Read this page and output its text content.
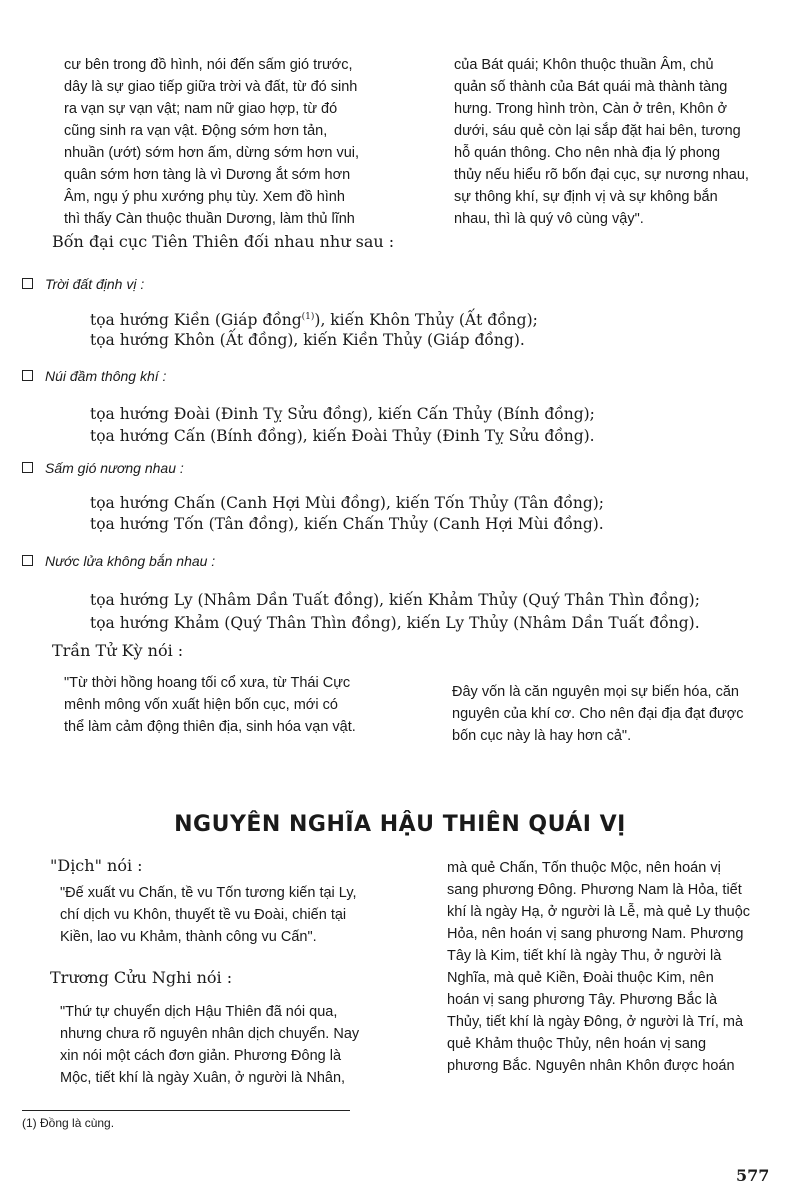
cư bên trong đồ hình, nói đến sấm gió trước,
dây là sự giao tiếp giữa trời và đất, từ đó sinh
ra vạn sự vạn vật; nam nữ giao hợp, từ đó
cũng sinh ra vạn vật. Động sớm hơn tản,
nhuần (ướt) sớm hơn ấm, dừng sớm hơn vui,
quân sớm hơn tàng là vì Dương ắt sớm hơn
Âm, ngụ ý phu xướng phụ tùy. Xem đồ hình
thì thấy Càn thuộc thuần Dương, làm thủ lĩnh
của Bát quái; Khôn thuộc thuần Âm, chủ
quản số thành của Bát quái mà thành tàng
hưng. Trong hình tròn, Càn ở trên, Khôn ở
dưới, sáu quẻ còn lại sắp đặt hai bên, tương
hỗ quán thông. Cho nên nhà địa lý phong
thủy nếu hiểu rõ bốn đại cục, sự nương nhau,
sự thông khí, sự định vị và sự không bắn
nhau, thì là quý vô cùng vậy".
Bốn đại cục Tiên Thiên đối nhau như sau :
Trời đất định vị :
tọa hướng Kiền (Giáp đồng$^{(1)}$), kiến Khôn Thủy (Ất đồng);
tọa hướng Khôn (Ất đồng), kiến Kiền Thủy (Giáp đồng).
Núi đầm thông khí :
tọa hướng Đoài (Đinh Tỵ Sửu đồng), kiến Cấn Thủy (Bính đồng);
tọa hướng Cấn (Bính đồng), kiến Đoài Thủy (Đinh Tỵ Sửu đồng).
Sấm gió nương nhau :
tọa hướng Chấn (Canh Hợi Mùi đồng), kiến Tốn Thủy (Tân đồng);
tọa hướng Tốn (Tân đồng), kiến Chấn Thủy (Canh Hợi Mùi đồng).
Nước lửa không bắn nhau :
tọa hướng Ly (Nhâm Dần Tuất đồng), kiến Khảm Thủy (Quý Thân Thìn đồng);
tọa hướng Khảm (Quý Thân Thìn đồng), kiến Ly Thủy (Nhâm Dần Tuất đồng).
Trần Tử Kỳ nói :
"Từ thời hồng hoang tối cổ xưa, từ Thái Cực
mênh mông vốn xuất hiện bốn cục, mới có
thể làm cảm động thiên địa, sinh hóa vạn vật.
Đây vốn là căn nguyên mọi sự biến hóa, căn
nguyên của khí cơ. Cho nên đại địa đạt được
bốn cục này là hay hơn cả".
NGUYÊN NGHĨA HẬU THIÊN QUÁI VỊ
"Dịch" nói :
"Đế xuất vu Chấn, tề vu Tốn tương kiến tại Ly,
chí dịch vu Khôn, thuyết tề vu Đoài, chiến tại
Kiền, lao vu Khảm, thành công vu Cấn".
Trương Cửu Nghi nói :
"Thứ tự chuyển dịch Hậu Thiên đã nói qua,
nhưng chưa rõ nguyên nhân dịch chuyển. Nay
xin nói một cách đơn giản. Phương Đông là
Mộc, tiết khí là ngày Xuân, ở người là Nhân,
mà quẻ Chấn, Tốn thuộc Mộc, nên hoán vị
sang phương Đông. Phương Nam là Hỏa, tiết
khí là ngày Hạ, ở người là Lễ, mà quẻ Ly thuộc
Hỏa, nên hoán vị sang phương Nam. Phương
Tây là Kim, tiết khí là ngày Thu, ở người là
Nghĩa, mà quẻ Kiền, Đoài thuộc Kim, nên
hoán vị sang phương Tây. Phương Bắc là
Thủy, tiết khí là ngày Đông, ở người là Trí, mà
quẻ Khảm thuộc Thủy, nên hoán vị sang
phương Bắc. Nguyên nhân Khôn được hoán
(1) Đồng là cùng.
577
